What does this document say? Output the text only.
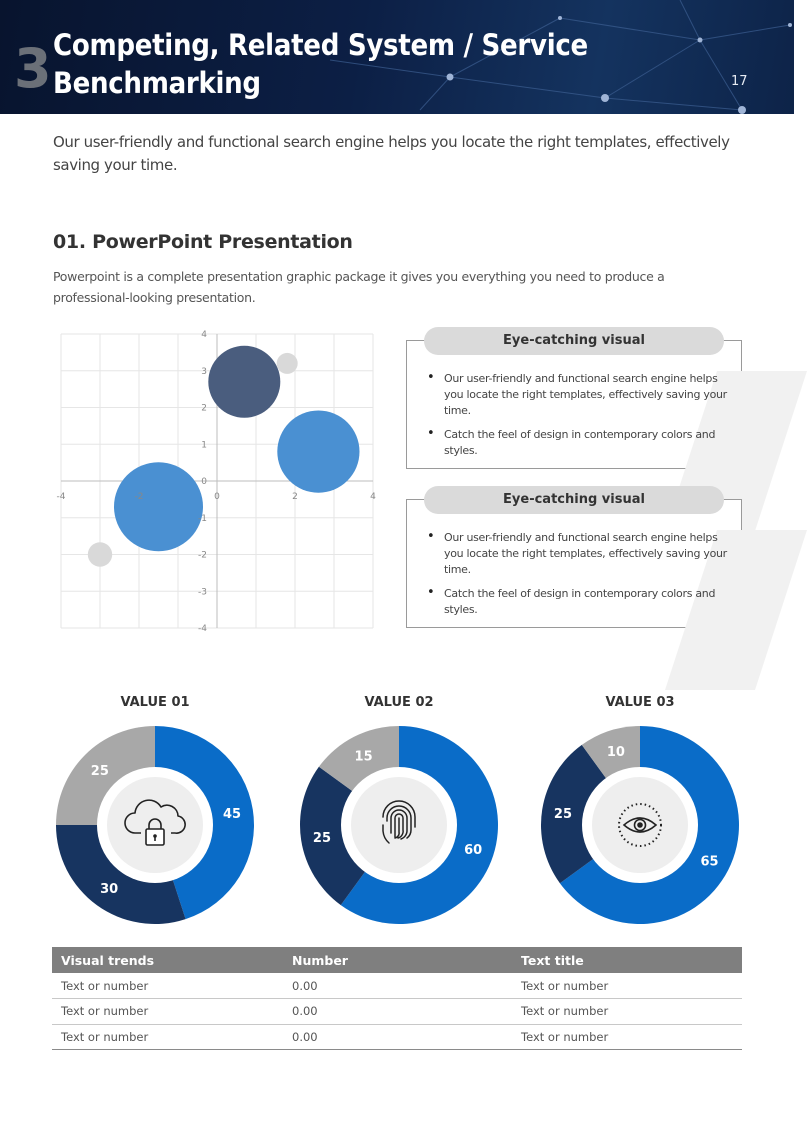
3 Competing, Related System / Service Benchmarking	17
Our user-friendly and functional search engine helps you locate the right templates, effectively saving your time.
01. PowerPoint Presentation
Powerpoint is a complete presentation graphic package it gives you everything you need to produce a professional-looking presentation.
-4	-2	0	2	4
4
3
2
1
0
-1
-2
-3
-4
• Our user-friendly and functional search engine helps you locate the right templates, effectively saving your time.
• Catch the feel of design in contemporary colors and styles.
Eye-catching visual
• Our user-friendly and functional search engine helps you locate the right templates, effectively saving your time.
• Catch the feel of design in contemporary colors and styles.
Eye-catching visual
VALUE 01	VALUE 02	VALUE 03
45
30
25
60
25
15
65
25
10
Visual trends	Number	Text title
Text or number	0.00	Text or number
Text or number	0.00	Text or number
Text or number	0.00	Text or number
